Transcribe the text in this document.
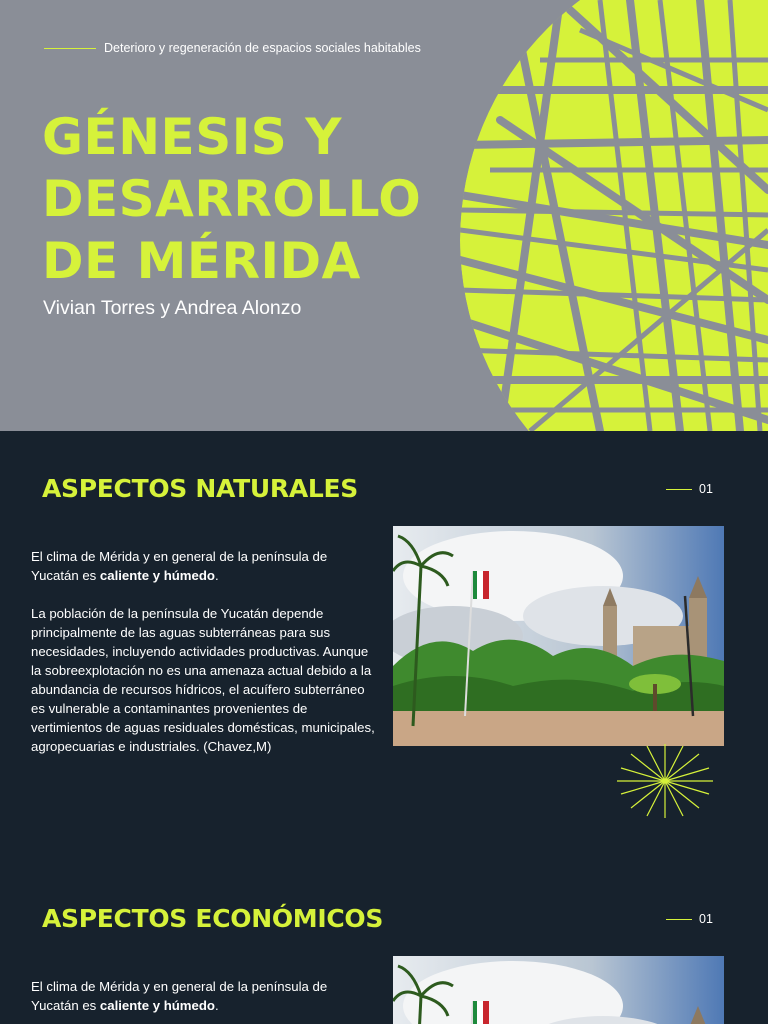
Deterioro y regeneración de espacios sociales habitables
GÉNESIS Y
DESARROLLO
DE MÉRIDA
Vivian Torres y Andrea Alonzo
ASPECTOS NATURALES	01

El clima de Mérida y en general de la península de Yucatán es caliente y húmedo.

La población de la península de Yucatán depende principalmente de las aguas subterráneas para sus necesidades, incluyendo actividades productivas. Aunque la sobreexplotación no es una amenaza actual debido a la abundancia de recursos hídricos, el acuífero subterráneo es vulnerable a contaminantes provenientes de vertimientos de aguas residuales domésticas, municipales, agropecuarias e industriales. (Chavez,M)

ASPECTOS ECONÓMICOS	01

El clima de Mérida y en general de la península de Yucatán es caliente y húmedo.
